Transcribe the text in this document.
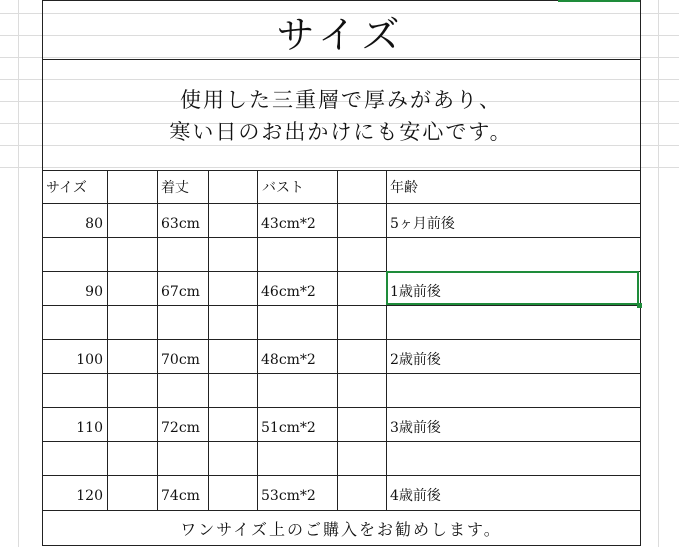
サイズ
使用した三重層で厚みがあり、
寒い日のお出かけにも安心です。
サイズ	着丈	バスト	年齢
80	63cm	43cm*2	5ヶ月前後
90	67cm	46cm*2	1歳前後
100	70cm	48cm*2	2歳前後
110	72cm	51cm*2	3歳前後
120	74cm	53cm*2	4歳前後
ワンサイズ上のご購入をお勧めします。
